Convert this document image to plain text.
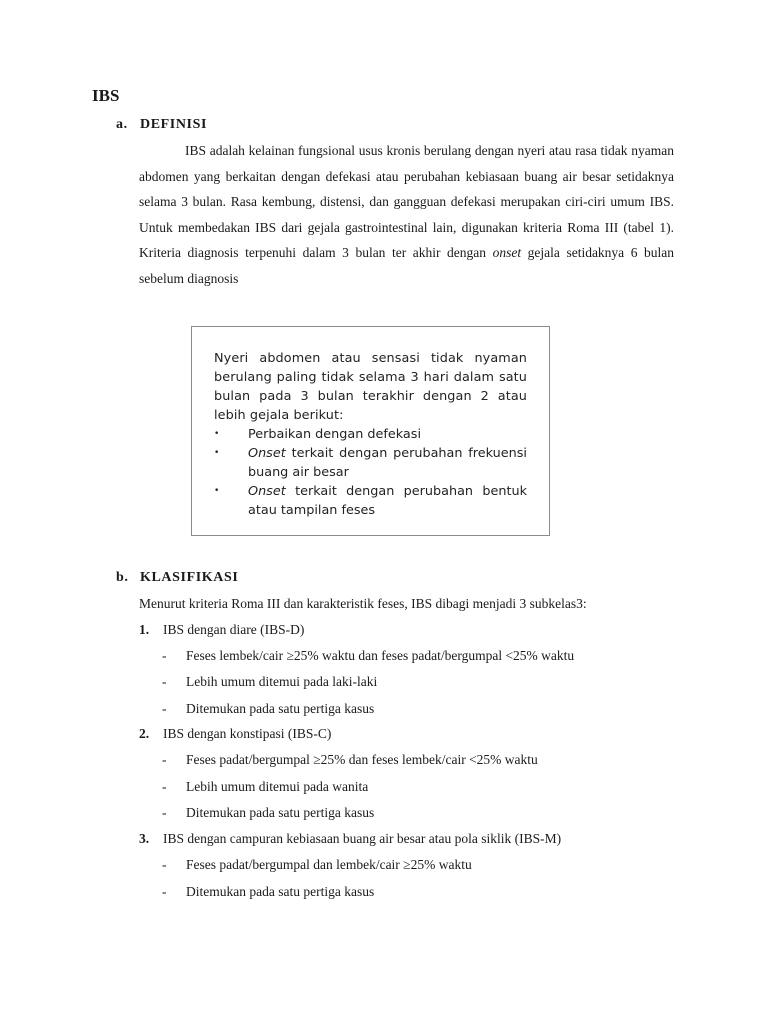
IBS
a. DEFINISI

IBS adalah kelainan fungsional usus kronis berulang dengan nyeri atau rasa tidak nyaman abdomen yang berkaitan dengan defekasi atau perubahan kebiasaan buang air besar setidaknya selama 3 bulan. Rasa kembung, distensi, dan gangguan defekasi merupakan ciri-ciri umum IBS. Untuk membedakan IBS dari gejala gastrointestinal lain, digunakan kriteria Roma III (tabel 1). Kriteria diagnosis terpenuhi dalam 3 bulan ter akhir dengan onset gejala setidaknya 6 bulan sebelum diagnosis

Nyeri abdomen atau sensasi tidak nyaman berulang paling tidak selama 3 hari dalam satu bulan pada 3 bulan terakhir dengan 2 atau lebih gejala berikut:

• Perbaikan dengan defekasi
• Onset terkait dengan perubahan frekuensi buang air besar
• Onset terkait dengan perubahan bentuk atau tampilan feses
b. KLASIFIKASI

Menurut kriteria Roma III dan karakteristik feses, IBS dibagi menjadi 3 subkelas3:

1.	IBS dengan diare (IBS-D)
-	Feses lembek/cair ≥25% waktu dan feses padat/bergumpal <25% waktu
-	Lebih umum ditemui pada laki-laki
-	Ditemukan pada satu pertiga kasus
2.	IBS dengan konstipasi (IBS-C)
-	Feses padat/bergumpal ≥25% dan feses lembek/cair <25% waktu
-	Lebih umum ditemui pada wanita
-	Ditemukan pada satu pertiga kasus
3.	IBS dengan campuran kebiasaan buang air besar atau pola siklik (IBS-M)
-	Feses padat/bergumpal dan lembek/cair ≥25% waktu
-	Ditemukan pada satu pertiga kasus
